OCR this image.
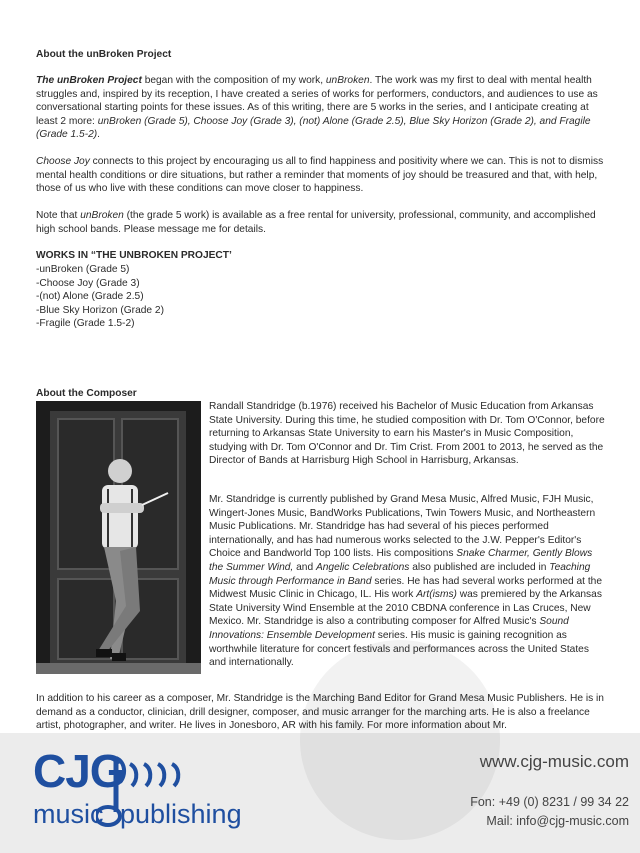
About the unBroken Project

The unBroken Project began with the composition of my work, unBroken. The work was my first to deal with mental health struggles and, inspired by its reception, I have created a series of works for performers, conductors, and audiences to use as conversational starting points for these issues. As of this writing, there are 5 works in the series, and I anticipate creating at least 2 more: unBroken (Grade 5), Choose Joy (Grade 3), (not) Alone (Grade 2.5), Blue Sky Horizon (Grade 2), and Fragile (Grade 1.5-2).

Choose Joy connects to this project by encouraging us all to find happiness and positivity where we can. This is not to dismiss mental health conditions or dire situations, but rather a reminder that moments of joy should be treasured and that, with help, those of us who live with these conditions can move closer to happiness.

Note that unBroken (the grade 5 work) is available as a free rental for university, professional, community, and accomplished high school bands. Please message me for details.

WORKS IN “THE UNBROKEN PROJECT’
-unBroken (Grade 5)
-Choose Joy (Grade 3)
-(not) Alone (Grade 2.5)
-Blue Sky Horizon (Grade 2)
-Fragile (Grade 1.5-2)
About the Composer

Randall Standridge (b.1976) received his Bachelor of Music Education from Arkansas State University. During this time, he studied composition with Dr. Tom O'Connor, before returning to Arkansas State University to earn his Master's in Music Composition, studying with Dr. Tom O'Connor and Dr. Tim Crist. From 2001 to 2013, he served as the Director of Bands at Harrisburg High School in Harrisburg, Arkansas.

Mr. Standridge is currently published by Grand Mesa Music, Alfred Music, FJH Music, Wingert-Jones Music, BandWorks Publications, Twin Towers Music, and Northeastern Music Publications. Mr. Standridge has had several of his pieces performed internationally, and has had numerous works selected to the J.W. Pepper's Editor's Choice and Bandworld Top 100 lists. His compositions Snake Charmer, Gently Blows the Summer Wind, and Angelic Celebrations also published are included in Teaching Music through Performance in Band series. He has had several works performed at the Midwest Music Clinic in Chicago, IL. His work Art(isms) was premiered by the Arkansas State University Wind Ensemble at the 2010 CBDNA conference in Las Cruces, New Mexico. Mr. Standridge is also a contributing composer for Alfred Music's Sound Innovations: Ensemble Development series. His music is gaining recognition as worthwhile literature for concert festivals and performances across the United States and internationally.

In addition to his career as a composer, Mr. Standridge is the Marching Band Editor for Grand Mesa Music Publishers. He is in demand as a conductor, clinician, drill designer, composer, and music arranger for the marching arts. He is also a freelance artist, photographer, and writer. He lives in Jonesboro, AR with his family. For more information about Mr.

CJG
music publishing
www.cjg-music.com
Fon: +49 (0) 8231 / 99 34 22
Mail: info@cjg-music.com
